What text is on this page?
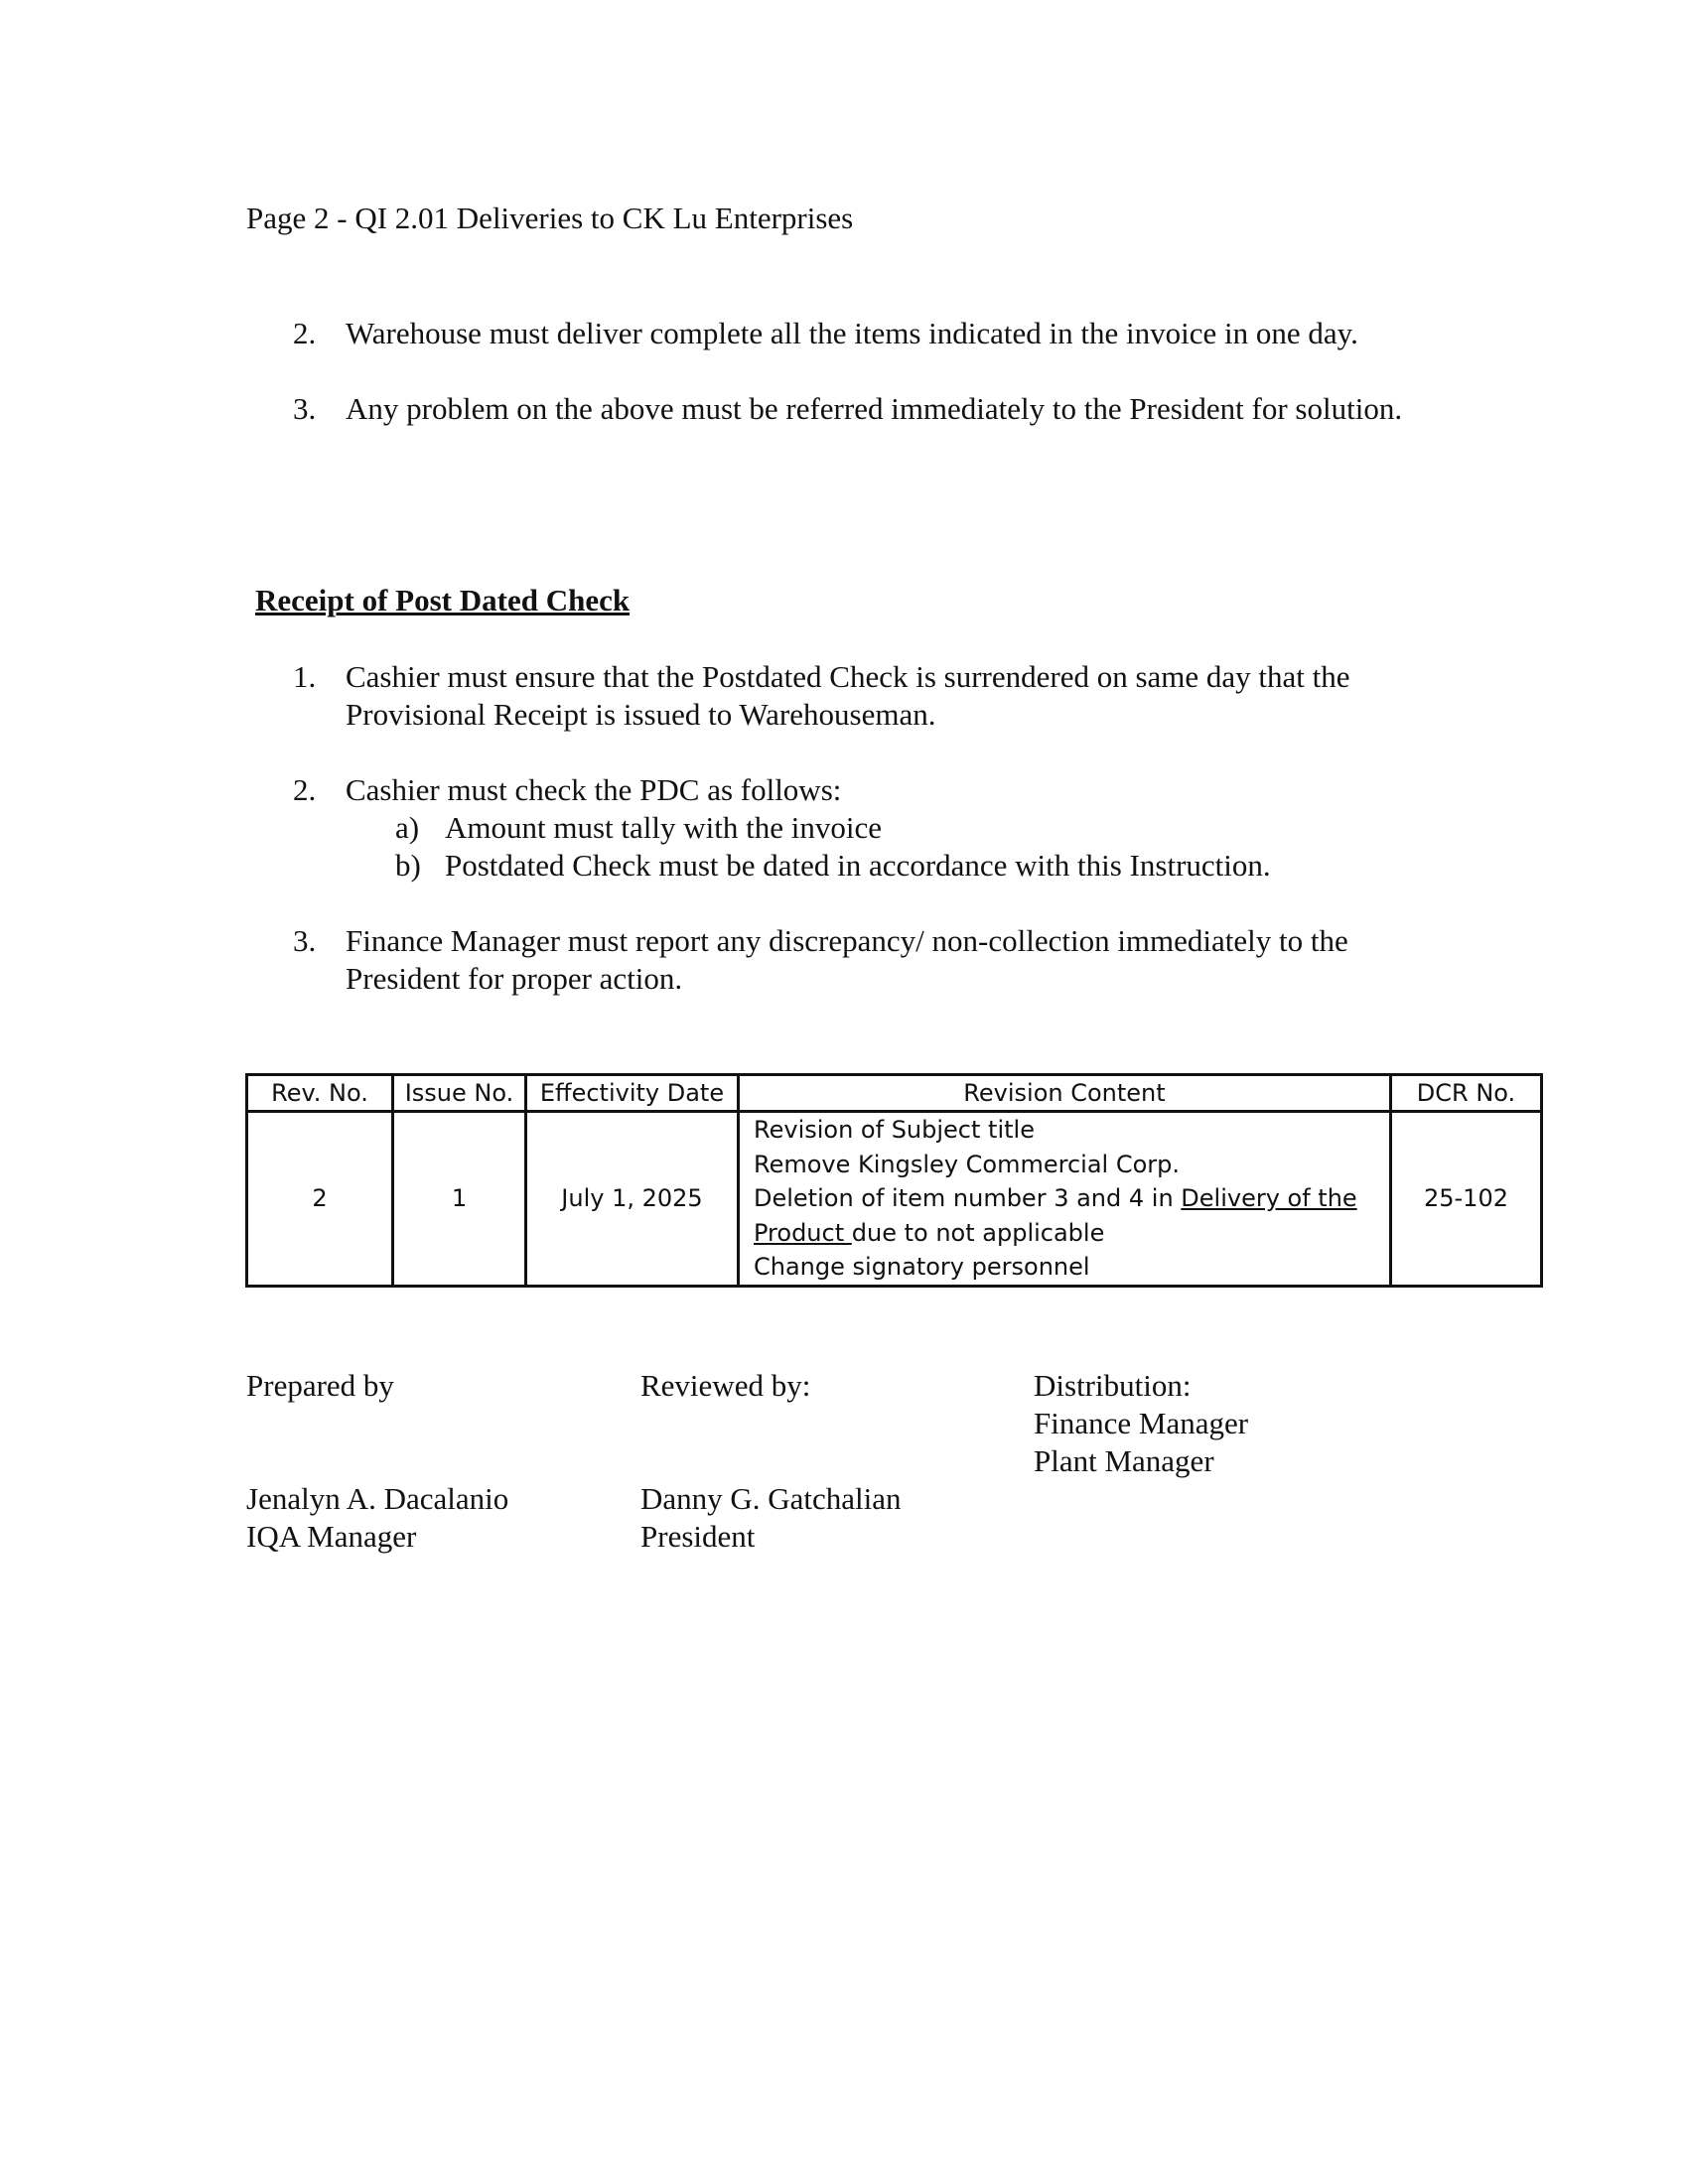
Page 2 - QI 2.01 Deliveries to CK Lu Enterprises
2. Warehouse must deliver complete all the items indicated in the invoice in one day.
3. Any problem on the above must be referred immediately to the President for solution.
Receipt of Post Dated Check
1. Cashier must ensure that the Postdated Check is surrendered on same day that the Provisional Receipt is issued to Warehouseman.
2. Cashier must check the PDC as follows:
a) Amount must tally with the invoice
b) Postdated Check must be dated in accordance with this Instruction.
3. Finance Manager must report any discrepancy/ non-collection immediately to the President for proper action.
Rev. No.	Issue No.	Effectivity Date	Revision Content	DCR No.
2	1	July 1, 2025	Revision of Subject title
Remove Kingsley Commercial Corp.
Deletion of item number 3 and 4 in Delivery of the
Product due to not applicable
Change signatory personnel	25-102
Prepared by	Reviewed by:	Distribution:
Finance Manager
Plant Manager
Jenalyn A. Dacalanio
IQA Manager
Danny G. Gatchalian
President
